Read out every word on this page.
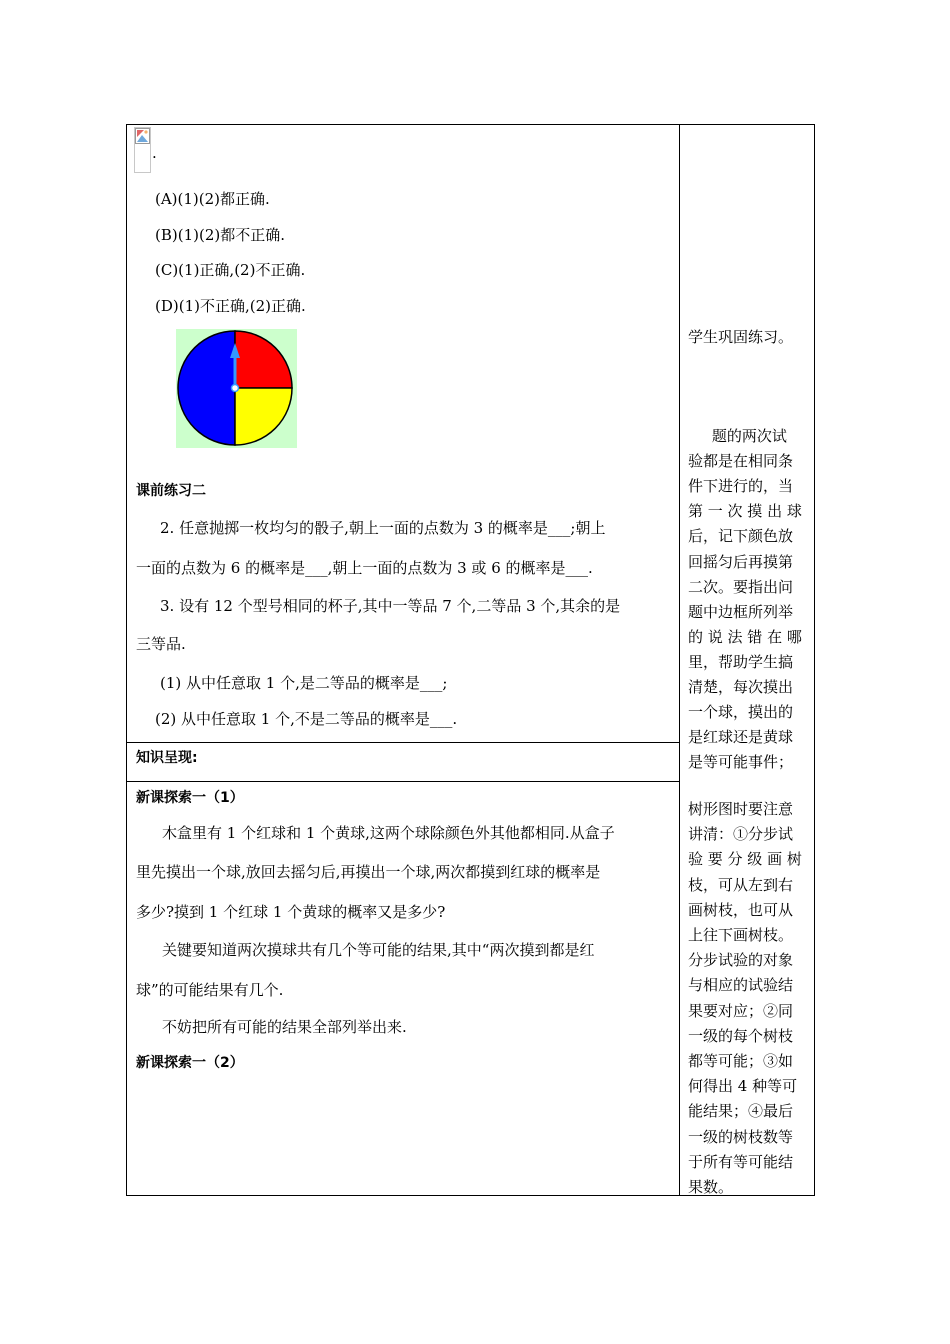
.
(A)(1)(2)都正确.
(B)(1)(2)都不正确.
(C)(1)正确,(2)不正确.
(D)(1)不正确,(2)正确.
课前练习二
2. 任意抛掷一枚均匀的骰子,朝上一面的点数为 3 的概率是___;朝上
一面的点数为 6 的概率是___,朝上一面的点数为 3 或 6 的概率是___.
3. 设有 12 个型号相同的杯子,其中一等品 7 个,二等品 3 个,其余的是
三等品.
(1) 从中任意取 1 个,是二等品的概率是___;
(2) 从中任意取 1 个,不是二等品的概率是___.
知识呈现:
新课探索一（1）
木盒里有 1 个红球和 1 个黄球,这两个球除颜色外其他都相同.从盒子
里先摸出一个球,放回去摇匀后,再摸出一个球,两次都摸到红球的概率是
多少?摸到 1 个红球 1 个黄球的概率又是多少?
关键要知道两次摸球共有几个等可能的结果,其中“两次摸到都是红
球”的可能结果有几个.
不妨把所有可能的结果全部列举出来.
新课探索一（2）
学生巩固练习。
题的两次试
验都是在相同条
件下进行的，当
第 一 次 摸 出 球
后，记下颜色放
回摇匀后再摸第
二次。要指出问
题中边框所列举
的 说 法 错 在 哪
里，帮助学生搞
清楚，每次摸出
一个球，摸出的
是红球还是黄球
是等可能事件；
树形图时要注意
讲清：①分步试
验 要 分 级 画 树
枝，可从左到右
画树枝，也可从
上往下画树枝。
分步试验的对象
与相应的试验结
果要对应；②同
一级的每个树枝
都等可能；③如
何得出 4 种等可
能结果；④最后
一级的树枝数等
于所有等可能结
果数。
